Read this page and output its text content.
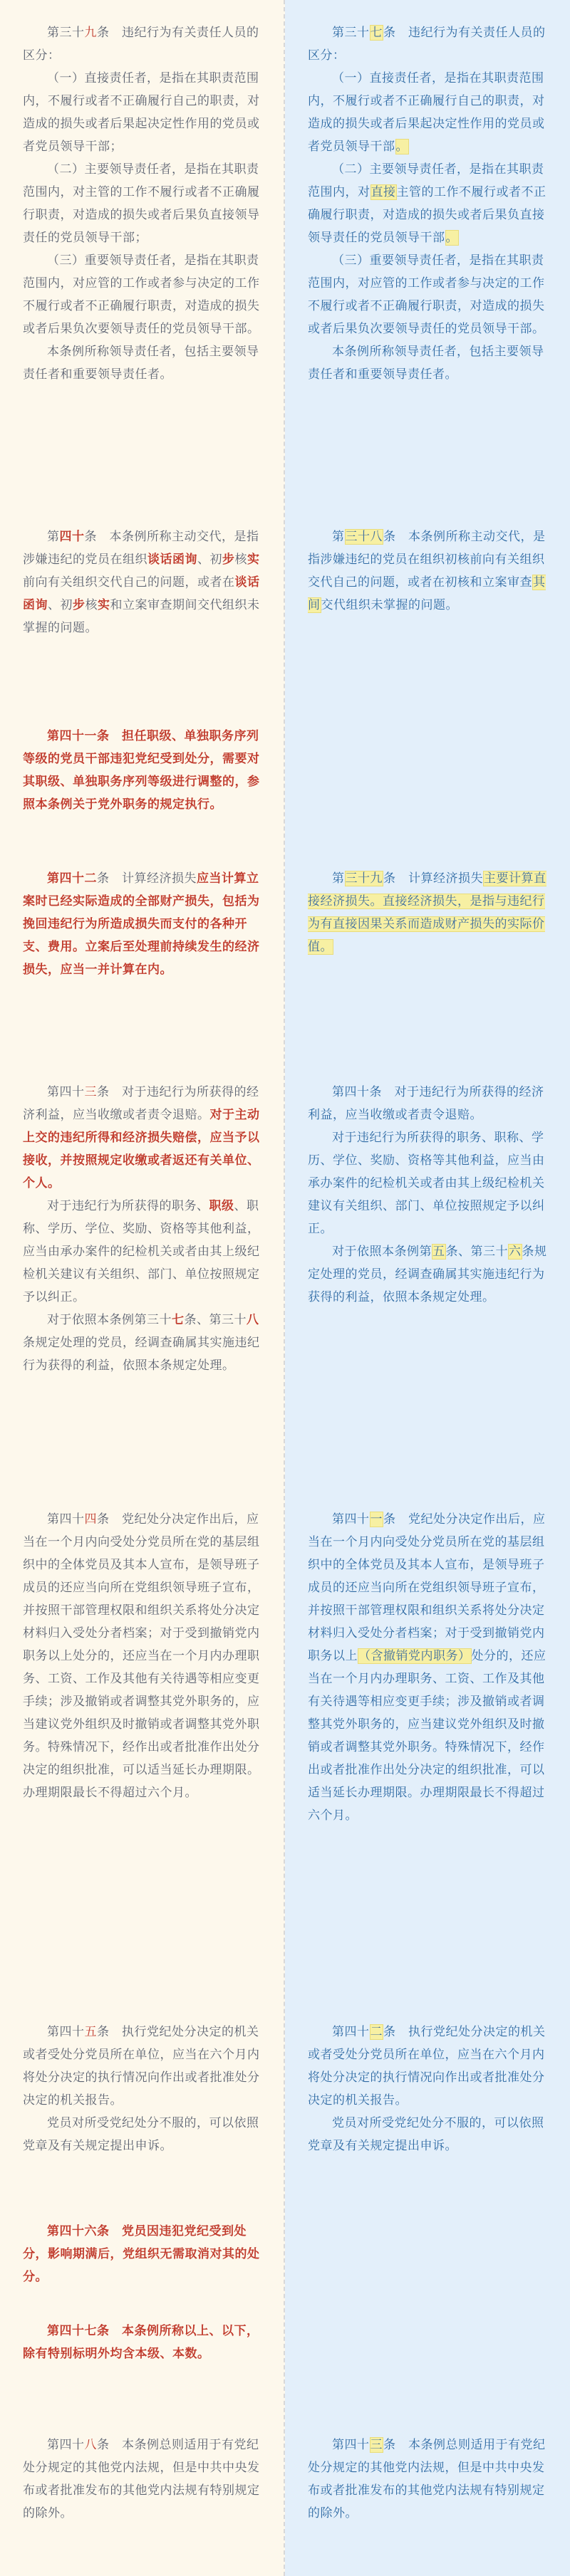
第三十九条　违纪行为有关责任人员的区分：

（一）直接责任者，是指在其职责范围内，不履行或者不正确履行自己的职责，对造成的损失或者后果起决定性作用的党员或者党员领导干部；

（二）主要领导责任者，是指在其职责范围内，对主管的工作不履行或者不正确履行职责，对造成的损失或者后果负直接领导责任的党员领导干部；

（三）重要领导责任者，是指在其职责范围内，对应管的工作或者参与决定的工作不履行或者不正确履行职责，对造成的损失或者后果负次要领导责任的党员领导干部。

本条例所称领导责任者，包括主要领导责任者和重要领导责任者。

第四十条　本条例所称主动交代，是指涉嫌违纪的党员在组织谈话函询、初步核实前向有关组织交代自己的问题，或者在谈话函询、初步核实和立案审查期间交代组织未掌握的问题。

第四十一条　担任职级、单独职务序列等级的党员干部违犯党纪受到处分，需要对其职级、单独职务序列等级进行调整的，参照本条例关于党外职务的规定执行。

第四十二条　计算经济损失应当计算立案时已经实际造成的全部财产损失，包括为挽回违纪行为所造成损失而支付的各种开支、费用。立案后至处理前持续发生的经济损失，应当一并计算在内。

第四十三条　对于违纪行为所获得的经济利益，应当收缴或者责令退赔。对于主动上交的违纪所得和经济损失赔偿，应当予以接收，并按照规定收缴或者返还有关单位、个人。

对于违纪行为所获得的职务、职级、职称、学历、学位、奖励、资格等其他利益，应当由承办案件的纪检机关或者由其上级纪检机关建议有关组织、部门、单位按照规定予以纠正。

对于依照本条例第三十七条、第三十八条规定处理的党员，经调查确属其实施违纪行为获得的利益，依照本条规定处理。

第四十四条　党纪处分决定作出后，应当在一个月内向受处分党员所在党的基层组织中的全体党员及其本人宣布，是领导班子成员的还应当向所在党组织领导班子宣布，并按照干部管理权限和组织关系将处分决定材料归入受处分者档案；对于受到撤销党内职务以上处分的，还应当在一个月内办理职务、工资、工作及其他有关待遇等相应变更手续；涉及撤销或者调整其党外职务的，应当建议党外组织及时撤销或者调整其党外职务。特殊情况下，经作出或者批准作出处分决定的组织批准，可以适当延长办理期限。办理期限最长不得超过六个月。

第四十五条　执行党纪处分决定的机关或者受处分党员所在单位，应当在六个月内将处分决定的执行情况向作出或者批准处分决定的机关报告。

党员对所受党纪处分不服的，可以依照党章及有关规定提出申诉。

第四十六条　党员因违犯党纪受到处分，影响期满后，党组织无需取消对其的处分。

第四十七条　本条例所称以上、以下，除有特别标明外均含本级、本数。

第四十八条　本条例总则适用于有党纪处分规定的其他党内法规，但是中共中央发布或者批准发布的其他党内法规有特别规定的除外。

第三十七条　违纪行为有关责任人员的区分：

（一）直接责任者，是指在其职责范围内，不履行或者不正确履行自己的职责，对造成的损失或者后果起决定性作用的党员或者党员领导干部。

（二）主要领导责任者，是指在其职责范围内，对直接主管的工作不履行或者不正确履行职责，对造成的损失或者后果负直接领导责任的党员领导干部。

（三）重要领导责任者，是指在其职责范围内，对应管的工作或者参与决定的工作不履行或者不正确履行职责，对造成的损失或者后果负次要领导责任的党员领导干部。

本条例所称领导责任者，包括主要领导责任者和重要领导责任者。

第三十八条　本条例所称主动交代，是指涉嫌违纪的党员在组织初核前向有关组织交代自己的问题，或者在初核和立案审查其间交代组织未掌握的问题。

第三十九条　计算经济损失主要计算直接经济损失。直接经济损失，是指与违纪行为有直接因果关系而造成财产损失的实际价值。

第四十条　对于违纪行为所获得的经济利益，应当收缴或者责令退赔。

对于违纪行为所获得的职务、职称、学历、学位、奖励、资格等其他利益，应当由承办案件的纪检机关或者由其上级纪检机关建议有关组织、部门、单位按照规定予以纠正。

对于依照本条例第五条、第三十六条规定处理的党员，经调查确属其实施违纪行为获得的利益，依照本条规定处理。

第四十一条　党纪处分决定作出后，应当在一个月内向受处分党员所在党的基层组织中的全体党员及其本人宣布，是领导班子成员的还应当向所在党组织领导班子宣布，并按照干部管理权限和组织关系将处分决定材料归入受处分者档案；对于受到撤销党内职务以上（含撤销党内职务）处分的，还应当在一个月内办理职务、工资、工作及其他有关待遇等相应变更手续；涉及撤销或者调整其党外职务的，应当建议党外组织及时撤销或者调整其党外职务。特殊情况下，经作出或者批准作出处分决定的组织批准，可以适当延长办理期限。办理期限最长不得超过六个月。

第四十二条　执行党纪处分决定的机关或者受处分党员所在单位，应当在六个月内将处分决定的执行情况向作出或者批准处分决定的机关报告。

党员对所受党纪处分不服的，可以依照党章及有关规定提出申诉。

第四十三条　本条例总则适用于有党纪处分规定的其他党内法规，但是中共中央发布或者批准发布的其他党内法规有特别规定的除外。
